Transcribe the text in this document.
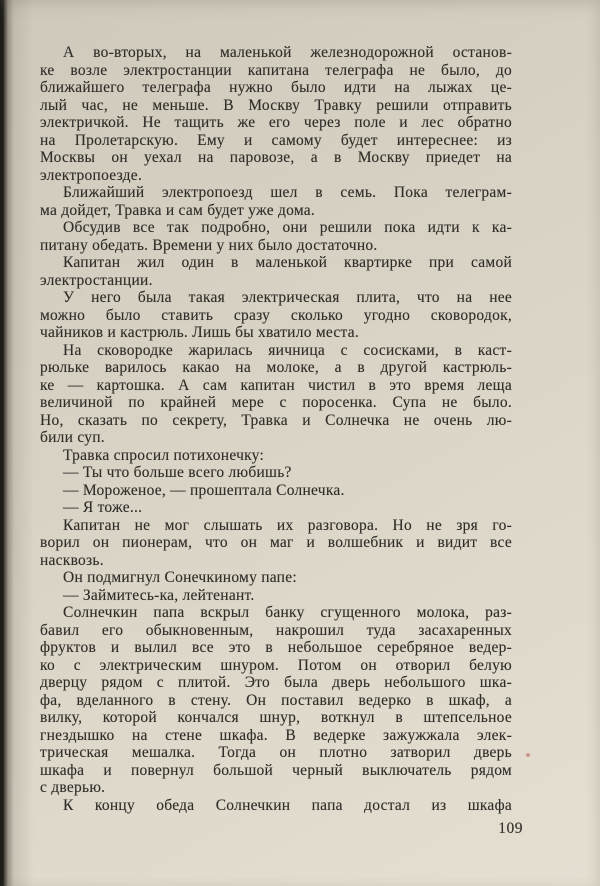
А во-вторых, на маленькой железнодорожной останов-
ке возле электростанции капитана телеграфа не было, до
ближайшего телеграфа нужно было идти на лыжах це-
лый час, не меньше. В Москву Травку решили отправить
электричкой. Не тащить же его через поле и лес обратно
на Пролетарскую. Ему и самому будет интереснее: из
Москвы он уехал на паровозе, а в Москву приедет на
электропоезде.
Ближайший электропоезд шел в семь. Пока телеграм-
ма дойдет, Травка и сам будет уже дома.
Обсудив все так подробно, они решили пока идти к ка-
питану обедать. Времени у них было достаточно.
Капитан жил один в маленькой квартирке при самой
электростанции.
У него была такая электрическая плита, что на нее
можно было ставить сразу сколько угодно сковородок,
чайников и кастрюль. Лишь бы хватило места.
На сковородке жарилась яичница с сосисками, в каст-
рюльке варилось какао на молоке, а в другой кастрюль-
ке — картошка. А сам капитан чистил в это время леща
величиной по крайней мере с поросенка. Супа не было.
Но, сказать по секрету, Травка и Солнечка не очень лю-
били суп.
Травка спросил потихонечку:
— Ты что больше всего любишь?
— Мороженое, — прошептала Солнечка.
— Я тоже...
Капитан не мог слышать их разговора. Но не зря го-
ворил он пионерам, что он маг и волшебник и видит все
насквозь.
Он подмигнул Сонечкиному папе:
— Займитесь-ка, лейтенант.
Солнечкин папа вскрыл банку сгущенного молока, раз-
бавил его обыкновенным, накрошил туда засахаренных
фруктов и вылил все это в небольшое серебряное ведер-
ко с электрическим шнуром. Потом он отворил белую
дверцу рядом с плитой. Это была дверь небольшого шка-
фа, вделанного в стену. Он поставил ведерко в шкаф, а
вилку, которой кончался шнур, воткнул в штепсельное
гнездышко на стене шкафа. В ведерке зажужжала элек-
трическая мешалка. Тогда он плотно затворил дверь
шкафа и повернул большой черный выключатель рядом
с дверью.
К концу обеда Солнечкин папа достал из шкафа
109
